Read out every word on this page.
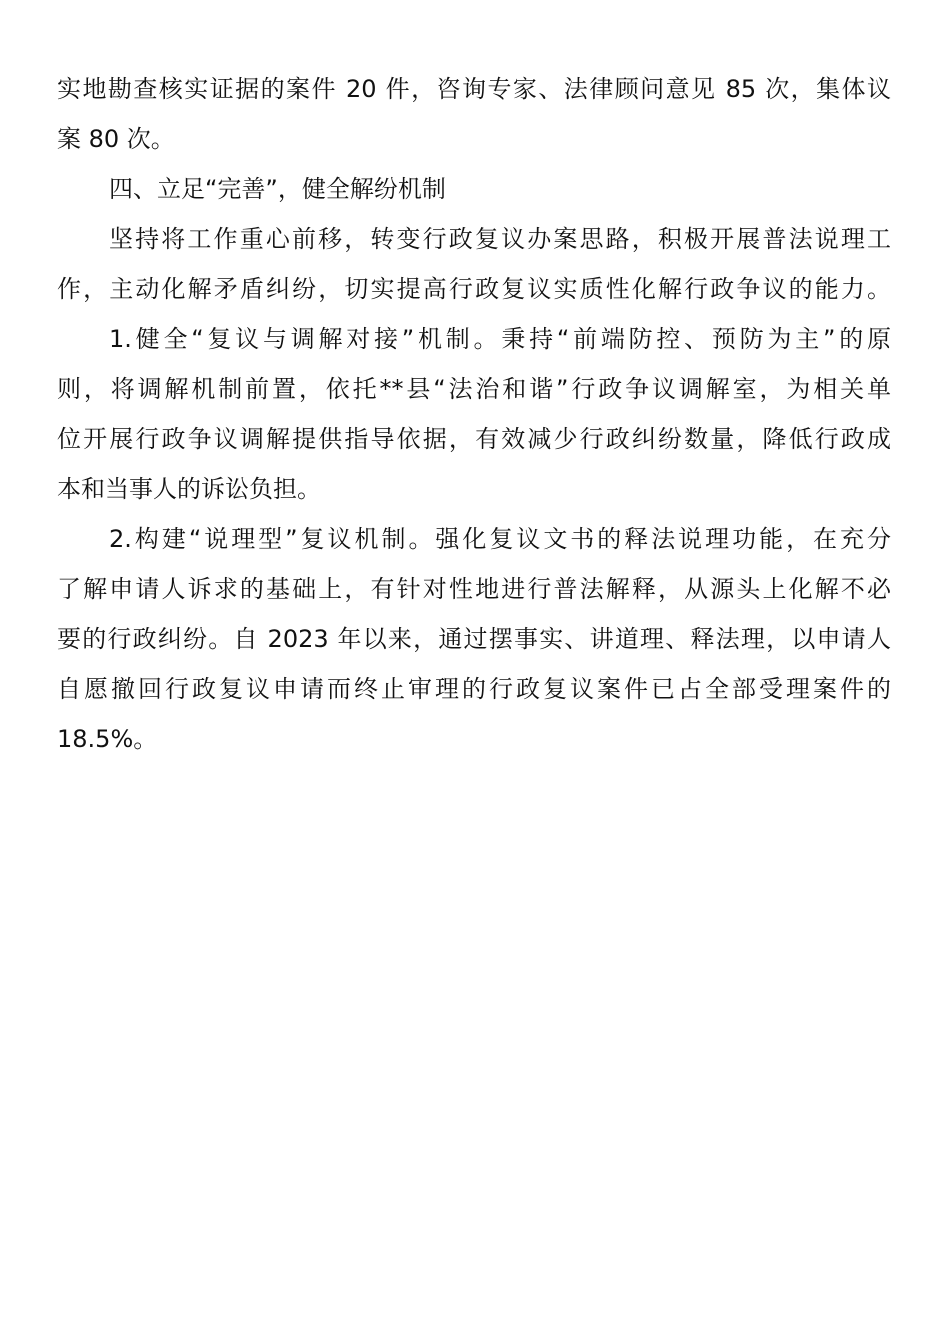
实地勘查核实证据的案件 20 件，咨询专家、法律顾问意见 85 次，集体议
案 80 次。
四、立足“完善”，健全解纷机制
坚持将工作重心前移，转变行政复议办案思路，积极开展普法说理工
作，主动化解矛盾纠纷，切实提高行政复议实质性化解行政争议的能力。
1.健全“复议与调解对接”机制。秉持“前端防控、预防为主”的原
则，将调解机制前置，依托**县“法治和谐”行政争议调解室，为相关单
位开展行政争议调解提供指导依据，有效减少行政纠纷数量，降低行政成
本和当事人的诉讼负担。
2.构建“说理型”复议机制。强化复议文书的释法说理功能，在充分
了解申请人诉求的基础上，有针对性地进行普法解释，从源头上化解不必
要的行政纠纷。自 2023 年以来，通过摆事实、讲道理、释法理，以申请人
自愿撤回行政复议申请而终止审理的行政复议案件已占全部受理案件的
18.5%。
